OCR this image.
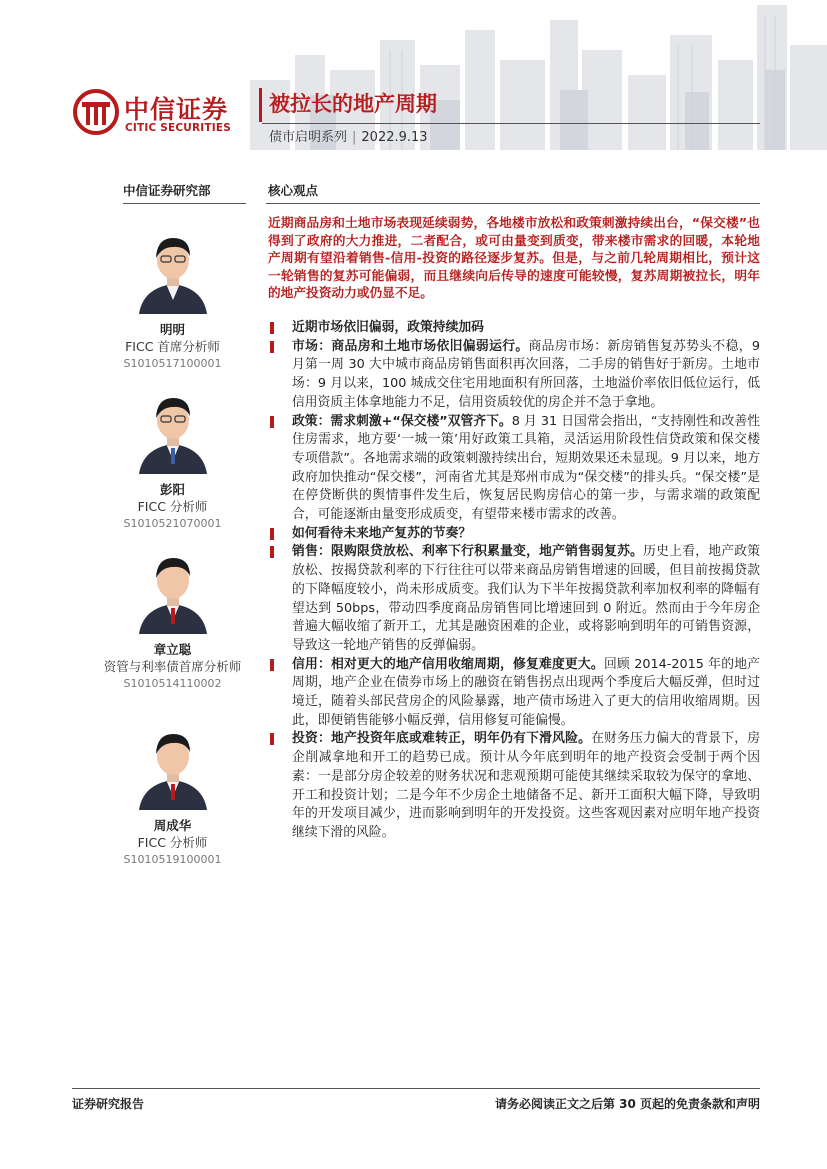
中信证券
CITIC SECURITIES
被拉长的地产周期
债市启明系列 | 2022.9.13
中信证券研究部	核心观点
近期商品房和土地市场表现延续弱势，各地楼市放松和政策刺激持续出台，“保交楼”也得到了政府的大力推进，二者配合，或可由量变到质变，带来楼市需求的回暖，本轮地产周期有望沿着销售-信用-投资的路径逐步复苏。但是，与之前几轮周期相比，预计这一轮销售的复苏可能偏弱，而且继续向后传导的速度可能较慢，复苏周期被拉长，明年的地产投资动力或仍显不足。
明明
FICC 首席分析师
S1010517100001
彭阳
FICC 分析师
S1010521070001
章立聪
资管与利率债首席分析师
S1010514110002
周成华
FICC 分析师
S1010519100001
近期市场依旧偏弱，政策持续加码
市场：商品房和土地市场依旧偏弱运行。商品房市场：新房销售复苏势头不稳，9 月第一周 30 大中城市商品房销售面积再次回落，二手房的销售好于新房。土地市场：9 月以来，100 城成交住宅用地面积有所回落，土地溢价率依旧低位运行，低信用资质主体拿地能力不足，信用资质较优的房企并不急于拿地。
政策：需求刺激+“保交楼”双管齐下。8 月 31 日国常会指出，“支持刚性和改善性住房需求，地方要‘一城一策’用好政策工具箱，灵活运用阶段性信贷政策和保交楼专项借款”。各地需求端的政策刺激持续出台，短期效果还未显现。9 月以来，地方政府加快推动“保交楼”，河南省尤其是郑州市成为“保交楼”的排头兵。“保交楼”是在停贷断供的舆情事件发生后，恢复居民购房信心的第一步，与需求端的政策配合，可能逐渐由量变形成质变，有望带来楼市需求的改善。
如何看待未来地产复苏的节奏？
销售：限购限贷放松、利率下行积累量变，地产销售弱复苏。历史上看，地产政策放松、按揭贷款利率的下行往往可以带来商品房销售增速的回暖，但目前按揭贷款的下降幅度较小，尚未形成质变。我们认为下半年按揭贷款利率加权利率的降幅有望达到 50bps，带动四季度商品房销售同比增速回到 0 附近。然而由于今年房企普遍大幅收缩了新开工，尤其是融资困难的企业，或将影响到明年的可销售资源，导致这一轮地产销售的反弹偏弱。
信用：相对更大的地产信用收缩周期，修复难度更大。回顾 2014-2015 年的地产周期，地产企业在债券市场上的融资在销售拐点出现两个季度后大幅反弹，但时过境迁，随着头部民营房企的风险暴露，地产债市场进入了更大的信用收缩周期。因此，即便销售能够小幅反弹，信用修复可能偏慢。
投资：地产投资年底或难转正，明年仍有下滑风险。在财务压力偏大的背景下，房企削减拿地和开工的趋势已成。预计从今年底到明年的地产投资会受制于两个因素：一是部分房企较差的财务状况和悲观预期可能使其继续采取较为保守的拿地、开工和投资计划；二是今年不少房企土地储备不足、新开工面积大幅下降，导致明年的开发项目减少，进而影响到明年的开发投资。这些客观因素对应明年地产投资继续下滑的风险。
证券研究报告	请务必阅读正文之后第 30 页起的免责条款和声明
